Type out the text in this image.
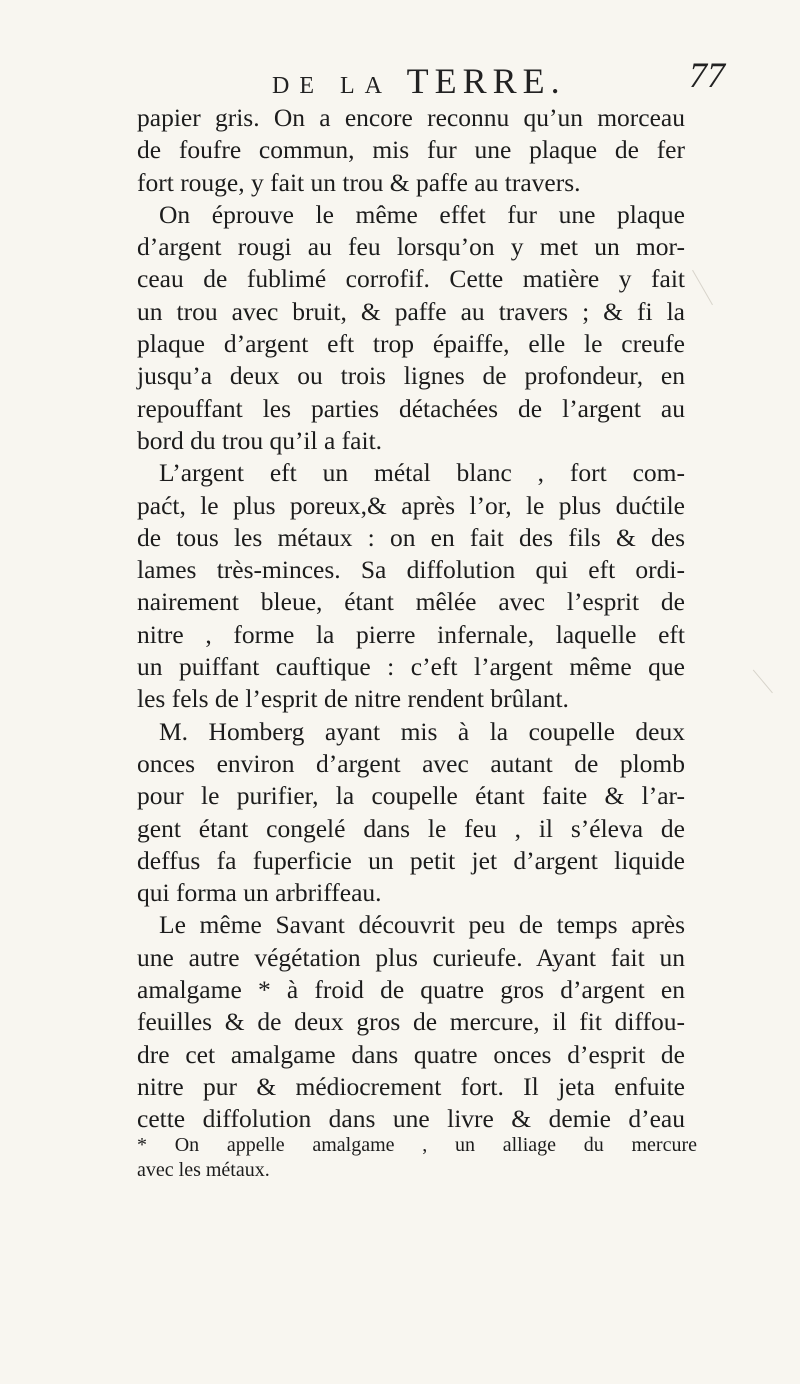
DE LA TERRE.	77
papier gris. On a encore reconnu qu’un morceau
de foufre commun, mis fur une plaque de fer
fort rouge, y fait un trou & paffe au travers.
On éprouve le même effet fur une plaque
d’argent rougi au feu lorsqu’on y met un mor-
ceau de fublimé corrofif. Cette matière y fait
un trou avec bruit, & paffe au travers ; & fi la
plaque d’argent eft trop épaiffe, elle le creufe
jusqu’a deux ou trois lignes de profondeur, en
repouffant les parties détachées de l’argent au
bord du trou qu’il a fait.
L’argent eft un métal blanc , fort com-
paćt, le plus poreux,& après l’or, le plus dućtile
de tous les métaux : on en fait des fils & des
lames très-minces. Sa diffolution qui eft ordi-
nairement bleue, étant mêlée avec l’esprit de
nitre , forme la pierre infernale, laquelle eft
un puiffant cauftique : c’eft l’argent même que
les fels de l’esprit de nitre rendent brûlant.
M. Homberg ayant mis à la coupelle deux
onces environ d’argent avec autant de plomb
pour le purifier, la coupelle étant faite & l’ar-
gent étant congelé dans le feu , il s’éleva de
deffus fa fuperficie un petit jet d’argent liquide
qui forma un arbriffeau.
Le même Savant découvrit peu de temps après
une autre végétation plus curieufe. Ayant fait un
amalgame * à froid de quatre gros d’argent en
feuilles & de deux gros de mercure, il fit diffou-
dre cet amalgame dans quatre onces d’esprit de
nitre pur & médiocrement fort. Il jeta enfuite
cette diffolution dans une livre & demie d’eau
* On appelle amalgame , un alliage du mercure
avec les métaux.
